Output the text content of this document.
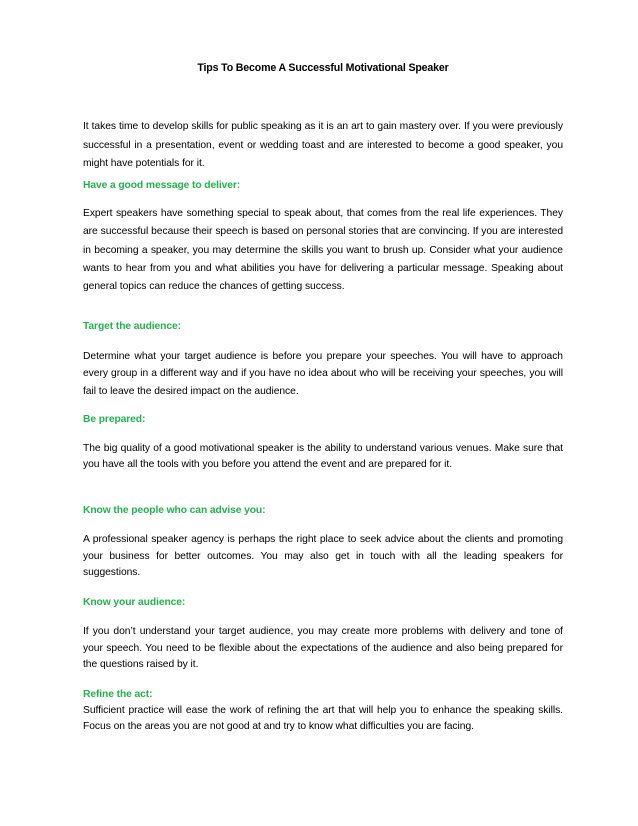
Tips To Become A Successful Motivational Speaker

It takes time to develop skills for public speaking as it is an art to gain mastery over. If you were previously successful in a presentation, event or wedding toast and are interested to become a good speaker, you might have potentials for it.

Have a good message to deliver:

Expert speakers have something special to speak about, that comes from the real life experiences. They are successful because their speech is based on personal stories that are convincing. If you are interested in becoming a speaker, you may determine the skills you want to brush up. Consider what your audience wants to hear from you and what abilities you have for delivering a particular message. Speaking about general topics can reduce the chances of getting success.

Target the audience:

Determine what your target audience is before you prepare your speeches. You will have to approach every group in a different way and if you have no idea about who will be receiving your speeches, you will fail to leave the desired impact on the audience.

Be prepared:

The big quality of a good motivational speaker is the ability to understand various venues. Make sure that you have all the tools with you before you attend the event and are prepared for it.

Know the people who can advise you:

A professional speaker agency is perhaps the right place to seek advice about the clients and promoting your business for better outcomes. You may also get in touch with all the leading speakers for suggestions.

Know your audience:

If you don’t understand your target audience, you may create more problems with delivery and tone of your speech. You need to be flexible about the expectations of the audience and also being prepared for the questions raised by it.

Refine the act:

Sufficient practice will ease the work of refining the art that will help you to enhance the speaking skills. Focus on the areas you are not good at and try to know what difficulties you are facing.
